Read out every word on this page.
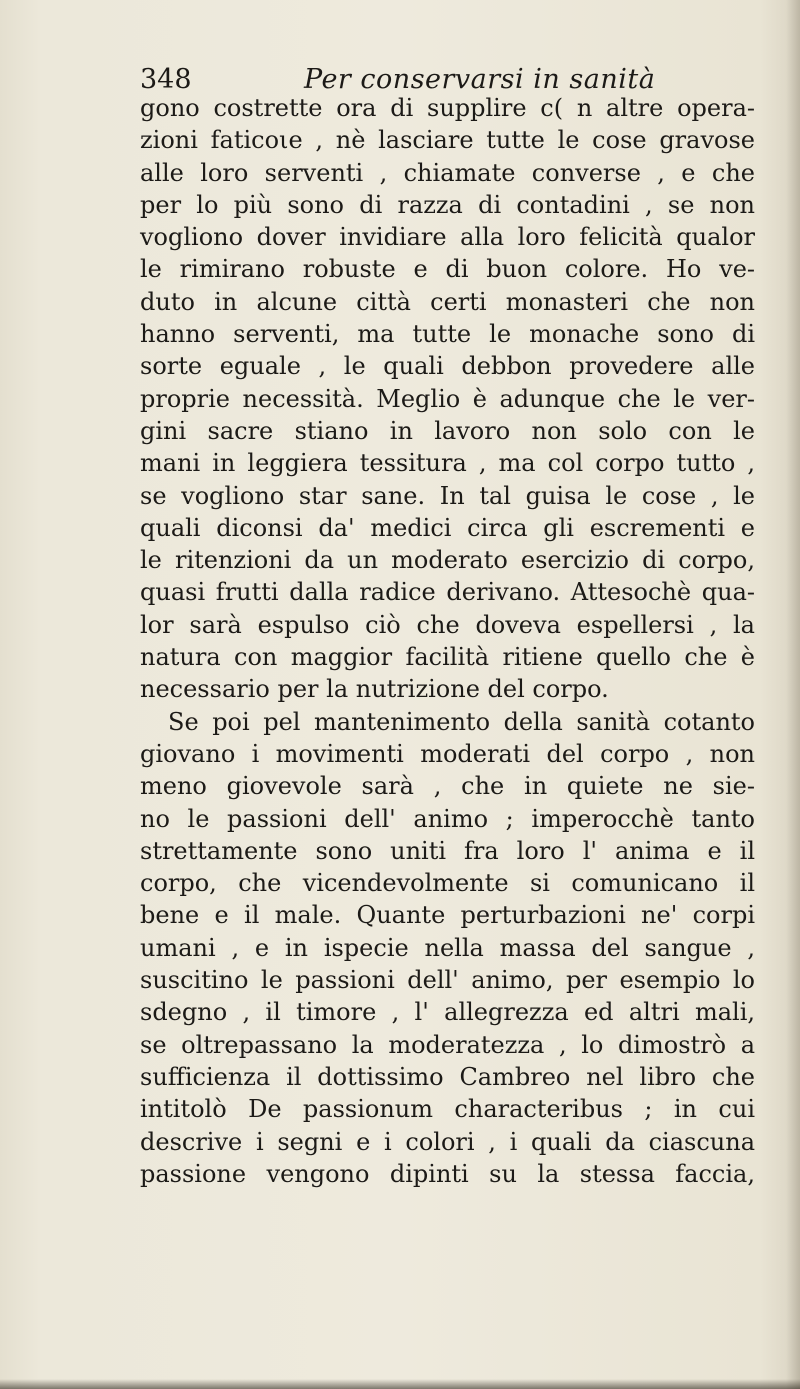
348	Per conservarsi in sanità
gono costrette ora di supplire c( n altre opera-
zioni faticoιe , nè lasciare tutte le cose gravose
alle loro serventi , chiamate converse , e che
per lo più sono di razza di contadini , se non
vogliono dover invidiare alla loro felicità qualor
le rimirano robuste e di buon colore. Ho ve-
duto in alcune città certi monasteri che non
hanno serventi, ma tutte le monache sono di
sorte eguale , le quali debbon provedere alle
proprie necessità. Meglio è adunque che le ver-
gini sacre stiano in lavoro non solo con le
mani in leggiera tessitura , ma col corpo tutto ,
se vogliono star sane. In tal guisa le cose , le
quali diconsi da' medici circa gli escrementi e
le ritenzioni da un moderato esercizio di corpo,
quasi frutti dalla radice derivano. Attesochè qua-
lor sarà espulso ciò che doveva espellersi , la
natura con maggior facilità ritiene quello che è
necessario per la nutrizione del corpo.
Se poi pel mantenimento della sanità cotanto
giovano i movimenti moderati del corpo , non
meno giovevole sarà , che in quiete ne sie-
no le passioni dell' animo ; imperocchè tanto
strettamente sono uniti fra loro l' anima e il
corpo, che vicendevolmente si comunicano il
bene e il male. Quante perturbazioni ne' corpi
umani , e in ispecie nella massa del sangue ,
suscitino le passioni dell' animo, per esempio lo
sdegno , il timore , l' allegrezza ed altri mali,
se oltrepassano la moderatezza , lo dimostrò a
sufficienza il dottissimo Cambreo nel libro che
intitolò De passionum characteribus ; in cui
descrive i segni e i colori , i quali da ciascuna
passione vengono dipinti su la stessa faccia,
